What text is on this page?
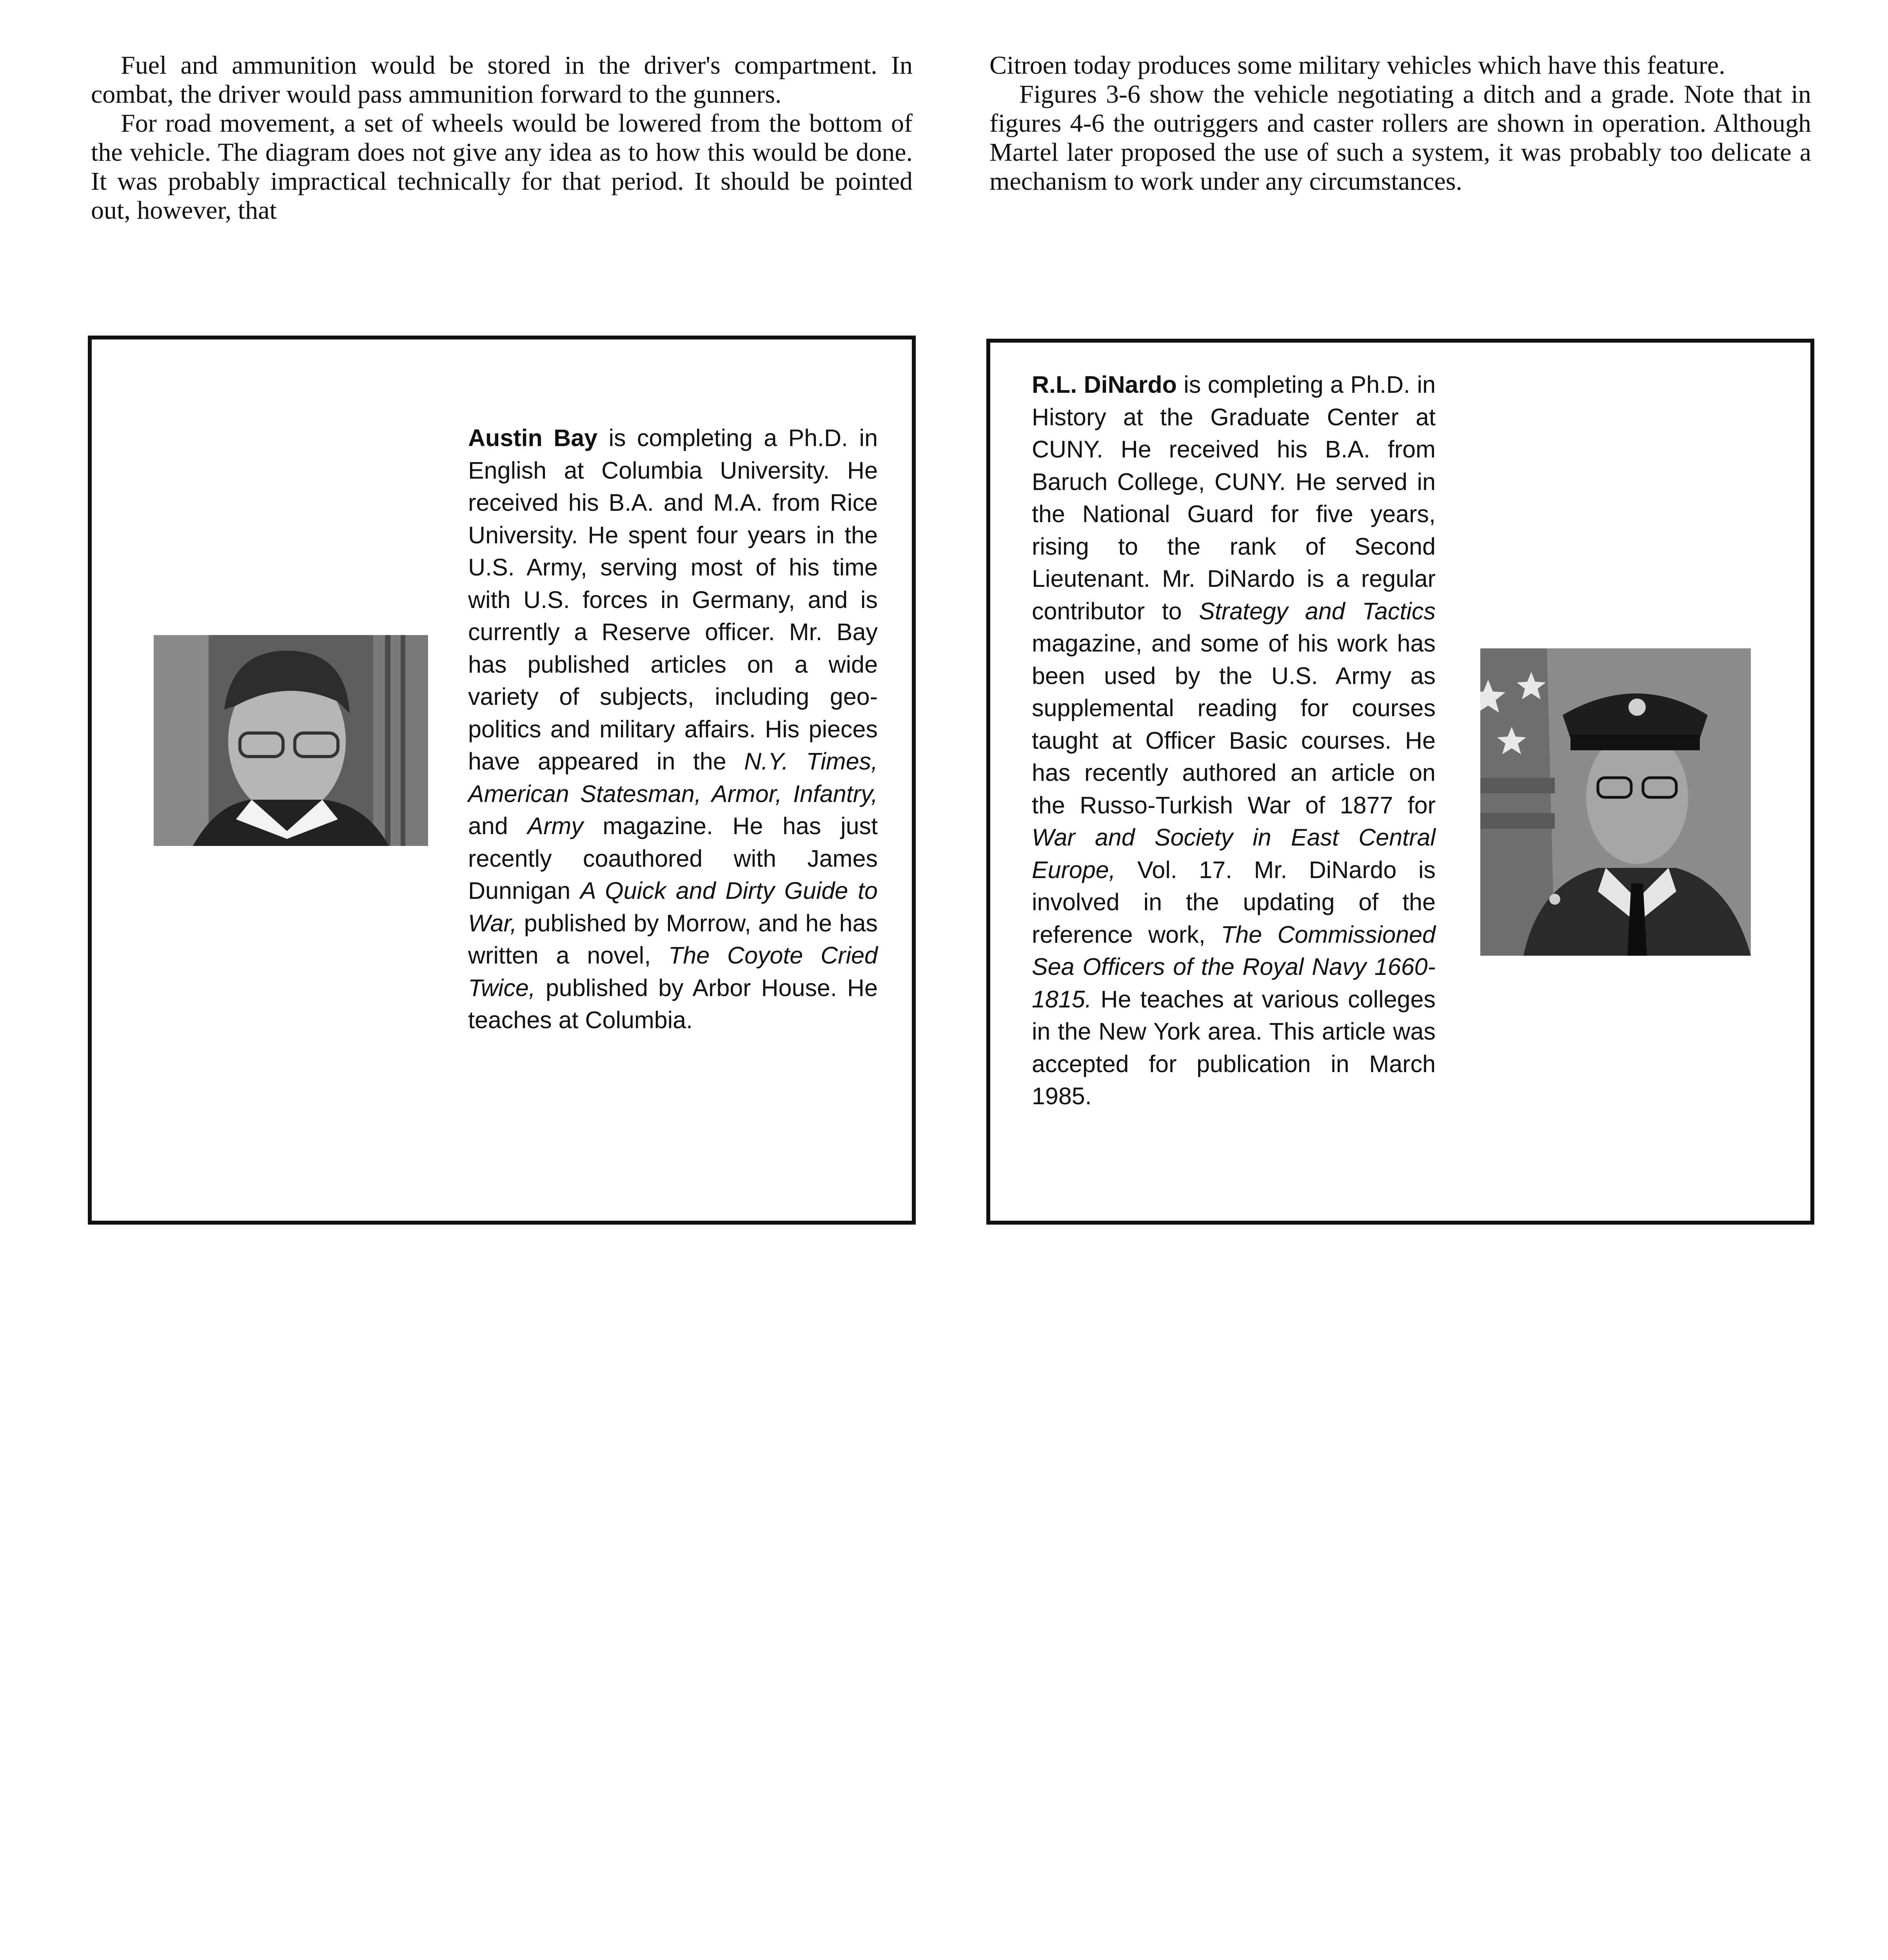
Fuel and ammunition would be stored in the driver's compartment. In combat, the driver would pass ammunition forward to the gunners.

For road movement, a set of wheels would be lowered from the bottom of the vehicle. The diagram does not give any idea as to how this would be done. It was probably impractical technically for that period. It should be pointed out, however, that

Citroen today produces some military vehicles which have this feature.

Figures 3-6 show the vehicle negotiating a ditch and a grade. Note that in figures 4-6 the outriggers and caster rollers are shown in operation. Although Martel later proposed the use of such a system, it was probably too delicate a mechanism to work under any circumstances.

Austin Bay is completing a Ph.D. in English at Columbia University. He received his B.A. and M.A. from Rice University. He spent four years in the U.S. Army, serving most of his time with U.S. forces in Germany, and is currently a Reserve officer. Mr. Bay has published articles on a wide variety of subjects, including geo-politics and military affairs. His pieces have appeared in the N.Y. Times, American Statesman, Armor, Infantry, and Army magazine. He has just recently coauthored with James Dunnigan A Quick and Dirty Guide to War, published by Morrow, and he has written a novel, The Coyote Cried Twice, published by Arbor House. He teaches at Columbia.

R.L. DiNardo is completing a Ph.D. in History at the Graduate Center at CUNY. He received his B.A. from Baruch College, CUNY. He served in the National Guard for five years, rising to the rank of Second Lieutenant. Mr. DiNardo is a regular contributor to Strategy and Tactics magazine, and some of his work has been used by the U.S. Army as supplemental reading for courses taught at Officer Basic courses. He has recently authored an article on the Russo-Turkish War of 1877 for War and Society in East Central Europe, Vol. 17. Mr. DiNardo is involved in the updating of the reference work, The Commissioned Sea Officers of the Royal Navy 1660-1815. He teaches at various colleges in the New York area. This article was accepted for publication in March 1985.
